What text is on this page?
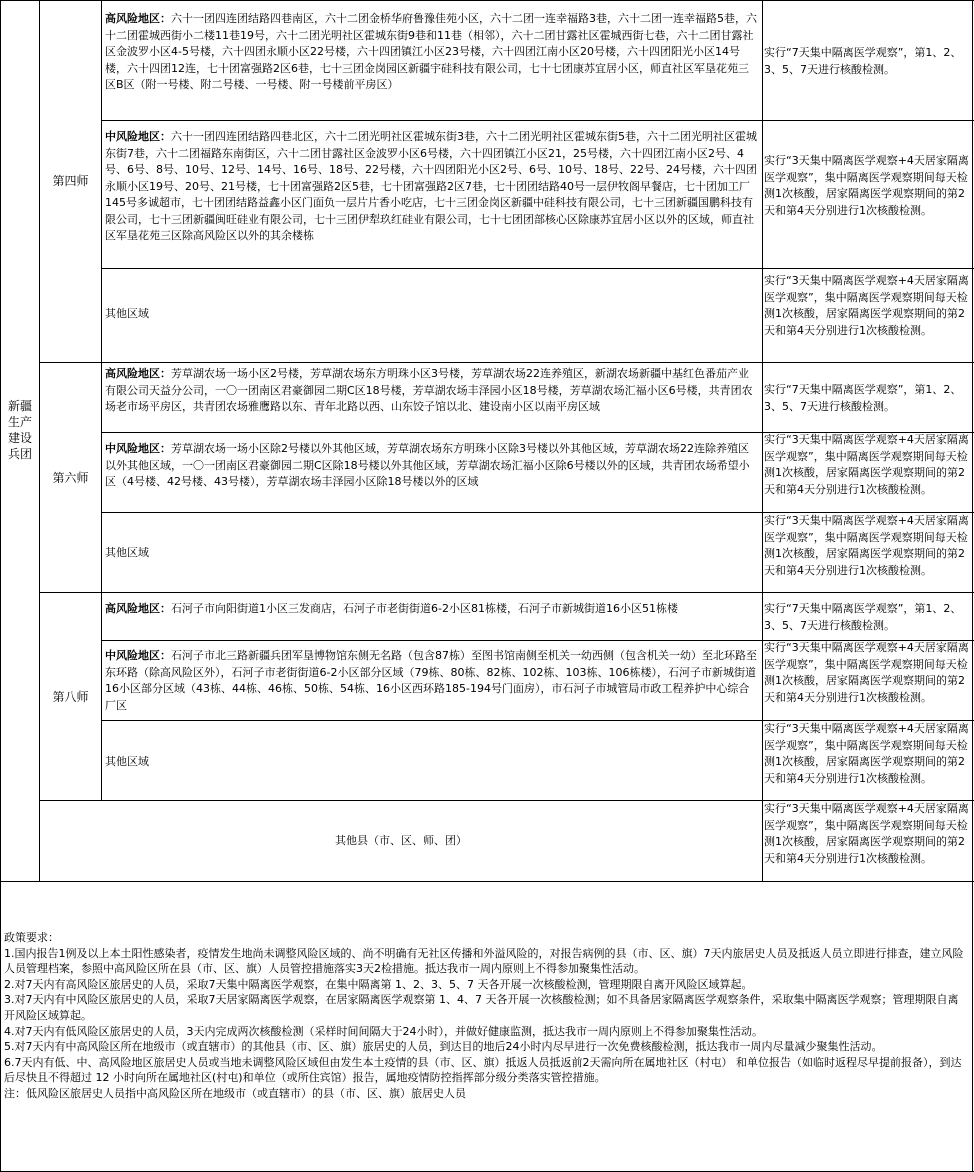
新疆生产建设兵团
第四师
高风险地区：六十一团四连团结路四巷南区，六十二团金桥华府鲁豫佳苑小区，六十二团一连幸福路3巷，六十二团一连幸福路5巷，六十二团霍城西街小二楼11巷19号，六十二团光明社区霍城东街9巷和11巷（相邻），六十二团甘露社区霍城西街七巷，六十二团甘露社区金波罗小区4-5号楼，六十四团永顺小区22号楼，六十四团镇江小区23号楼，六十四团江南小区20号楼，六十四团阳光小区14号楼，六十四团12连，七十团富强路2区6巷，七十三团金岗园区新疆宇硅科技有限公司，七十七团康苏宜居小区，师直社区军垦花苑三区B区（附一号楼、附二号楼、一号楼、附一号楼前平房区）
实行“7天集中隔离医学观察”，第1、2、3、5、7天进行核酸检测。
中风险地区：六十一团四连团结路四巷北区，六十二团光明社区霍城东街3巷，六十二团光明社区霍城东街5巷，六十二团光明社区霍城东街7巷，六十二团福路东南街区，六十二团甘露社区金波罗小区6号楼，六十四团镇江小区21，25号楼，六十四团江南小区2号、4号、6号、8号、10号、12号、14号、16号、18号、22号楼，六十四团阳光小区2号、6号、10号、18号、22号、24号楼，六十四团永顺小区19号、20号、21号楼，七十团富强路2区5巷，七十团富强路2区7巷，七十团团结路40号一层伊牧阁早餐店，七十团加工厂145号多诚超市，七十团团结路益鑫小区门面负一层片片香小吃店，七十三团金岗区新疆中硅科技有限公司，七十三团新疆国鹏科技有限公司，七十三团新疆闽旺硅业有限公司，七十三团伊犁玖红硅业有限公司，七十七团团部核心区除康苏宜居小区以外的区域，师直社区军垦花苑三区除高风险区以外的其余楼栋
实行“3天集中隔离医学观察+4天居家隔离医学观察”，集中隔离医学观察期间每天检测1次核酸，居家隔离医学观察期间的第2天和第4天分别进行1次核酸检测。
其他区域
实行“3天集中隔离医学观察+4天居家隔离医学观察”，集中隔离医学观察期间每天检测1次核酸，居家隔离医学观察期间的第2天和第4天分别进行1次核酸检测。
第六师
高风险地区：芳草湖农场一场小区2号楼，芳草湖农场东方明珠小区3号楼，芳草湖农场22连养殖区，新湖农场新疆中基红色番茄产业有限公司天益分公司，一〇一团南区君豪御园二期C区18号楼，芳草湖农场丰泽园小区18号楼，芳草湖农场汇福小区6号楼，共青团农场老市场平房区，共青团农场雅鹰路以东、青年北路以西、山东饺子馆以北、建设南小区以南平房区域
实行“7天集中隔离医学观察”，第1、2、3、5、7天进行核酸检测。
中风险地区：芳草湖农场一场小区除2号楼以外其他区域，芳草湖农场东方明珠小区除3号楼以外其他区域，芳草湖农场22连除养殖区以外其他区域，一〇一团南区君豪御园二期C区除18号楼以外其他区域，芳草湖农场汇福小区除6号楼以外的区域，共青团农场希望小区（4号楼、42号楼、43号楼），芳草湖农场丰泽园小区除18号楼以外的区域
实行“3天集中隔离医学观察+4天居家隔离医学观察”，集中隔离医学观察期间每天检测1次核酸，居家隔离医学观察期间的第2天和第4天分别进行1次核酸检测。
其他区域
实行“3天集中隔离医学观察+4天居家隔离医学观察”，集中隔离医学观察期间每天检测1次核酸，居家隔离医学观察期间的第2天和第4天分别进行1次核酸检测。
第八师
高风险地区：石河子市向阳街道1小区三发商店，石河子市老街街道6-2小区81栋楼，石河子市新城街道16小区51栋楼	实行“7天集中隔离医学观察”，第1、2、3、5、7天进行核酸检测。
中风险地区：石河子市北三路新疆兵团军垦博物馆东侧无名路（包含87栋）至图书馆南侧至机关一幼西侧（包含机关一幼）至北环路至东环路（除高风险区外），石河子市老街街道6-2小区部分区域（79栋、80栋、82栋、102栋、103栋、106栋楼），石河子市新城街道16小区部分区域（43栋、44栋、46栋、50栋、54栋、16小区西环路185-194号门面房），市石河子市城管局市政工程养护中心综合厂区
实行“3天集中隔离医学观察+4天居家隔离医学观察”，集中隔离医学观察期间每天检测1次核酸，居家隔离医学观察期间的第2天和第4天分别进行1次核酸检测。
其他区域
实行“3天集中隔离医学观察+4天居家隔离医学观察”，集中隔离医学观察期间每天检测1次核酸，居家隔离医学观察期间的第2天和第4天分别进行1次核酸检测。
其他县（市、区、师、团）
实行“3天集中隔离医学观察+4天居家隔离医学观察”，集中隔离医学观察期间每天检测1次核酸，居家隔离医学观察期间的第2天和第4天分别进行1次核酸检测。

政策要求：

1.国内报告1例及以上本土阳性感染者，疫情发生地尚未调整风险区域的、尚不明确有无社区传播和外溢风险的，对报告病例的县（市、区、旗）7天内旅居史人员及抵返人员立即进行排查，建立风险人员管理档案，参照中高风险区所在县（市、区、旗）人员管控措施落实3天2检措施。抵达我市一周内原则上不得参加聚集性活动。

2.对7天内有高风险区旅居史的人员，采取7天集中隔离医学观察，在集中隔离第 1、2、3、5、7 天各开展一次核酸检测，管理期限自离开风险区域算起。

3.对7天内有中风险区旅居史的人员，采取7天居家隔离医学观察，在居家隔离医学观察第 1、4、7 天各开展一次核酸检测；如不具备居家隔离医学观察条件，采取集中隔离医学观察；管理期限自离开风险区域算起。

4.对7天内有低风险区旅居史的人员，3天内完成两次核酸检测（采样时间间隔大于24小时），并做好健康监测，抵达我市一周内原则上不得参加聚集性活动。

5.对7天内有中高风险区所在地级市（或直辖市）的其他县（市、区、旗）旅居史的人员，到达目的地后24小时内尽早进行一次免费核酸检测，抵达我市一周内尽量减少聚集性活动。

6.7天内有低、中、高风险地区旅居史人员或当地未调整风险区域但由发生本土疫情的县（市、区、旗）抵返人员抵返前2天需向所在属地社区（村屯） 和单位报告（如临时返程尽早提前报备），到达后尽快且不得超过 12 小时向所在属地社区(村屯)和单位（或所住宾馆）报告，属地疫情防控指挥部分级分类落实管控措施。

注：低风险区旅居史人员指中高风险区所在地级市（或直辖市）的县（市、区、旗）旅居史人员
